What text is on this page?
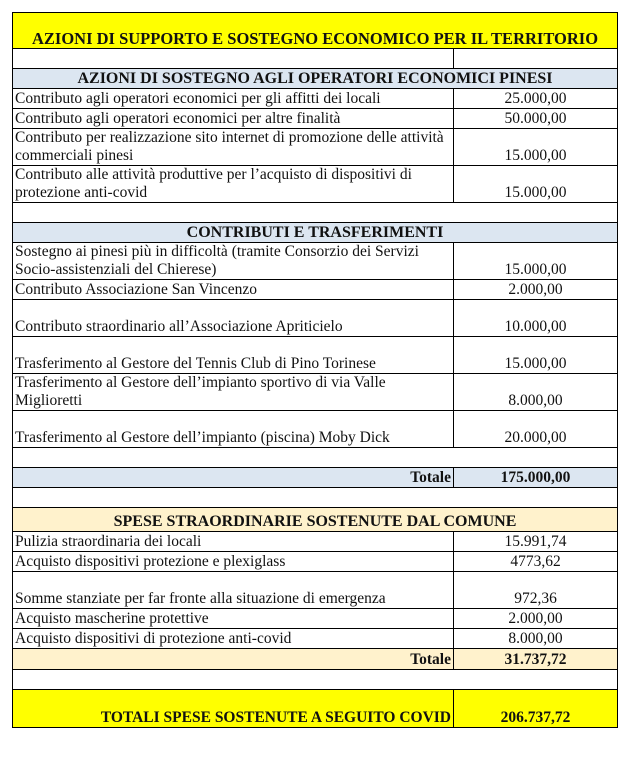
AZIONI DI SUPPORTO E SOSTEGNO ECONOMICO PER IL TERRITORIO	

AZIONI DI SOSTEGNO AGLI OPERATORI ECONOMICI PINESI	
Contributo agli operatori economici per gli affitti dei locali	25.000,00
Contributo agli operatori economici per altre finalità	50.000,00
Contributo per realizzazione sito internet di promozione delle attività commerciali pinesi	15.000,00
Contributo alle attività produttive per l’acquisto di dispositivi di protezione anti-covid	15.000,00

CONTRIBUTI E TRASFERIMENTI	
Sostegno ai pinesi più in difficoltà (tramite Consorzio dei Servizi Socio-assistenziali del Chierese)	15.000,00
Contributo Associazione San Vincenzo	2.000,00
Contributo straordinario all’Associazione Apriticielo	10.000,00
Trasferimento al Gestore del Tennis Club di Pino Torinese	15.000,00
Trasferimento al Gestore dell’impianto sportivo di via Valle Miglioretti	8.000,00
Trasferimento al Gestore dell’impianto (piscina) Moby Dick	20.000,00

Totale	175.000,00

SPESE STRAORDINARIE SOSTENUTE DAL COMUNE	
Pulizia straordinaria dei locali	15.991,74
Acquisto dispositivi protezione e plexiglass	4773,62
Somme stanziate per far fronte alla situazione di emergenza	972,36
Acquisto mascherine protettive	2.000,00
Acquisto dispositivi di protezione anti-covid	8.000,00
Totale	31.737,72

TOTALI SPESE SOSTENUTE A SEGUITO COVID	206.737,72
